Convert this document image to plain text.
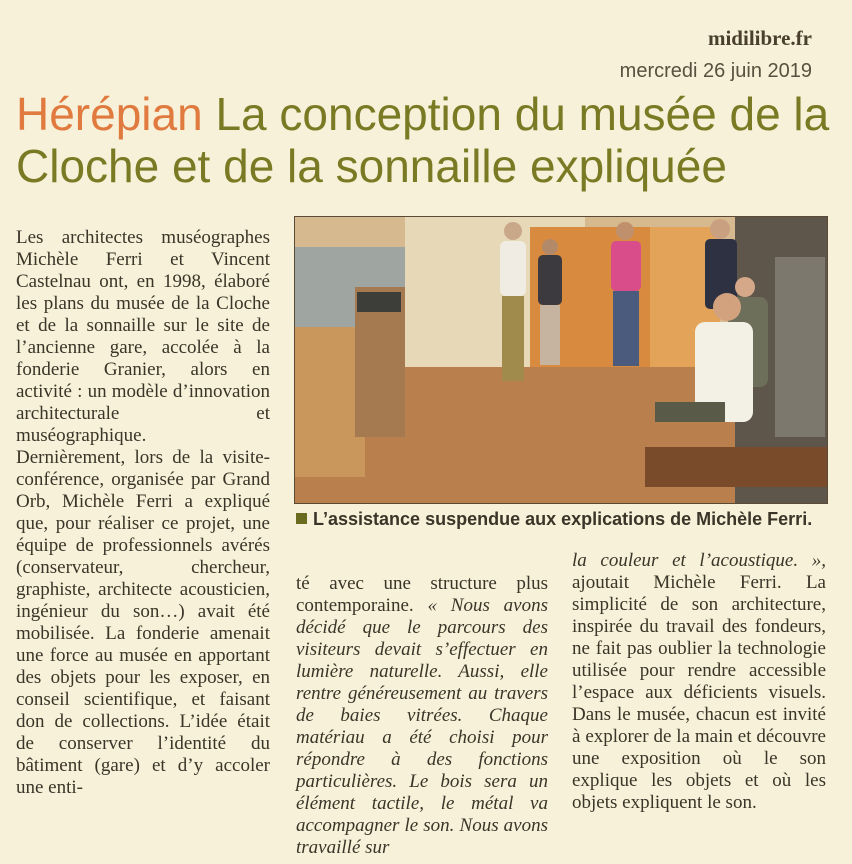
midilibre.fr
mercredi 26 juin 2019
Hérépian La conception du musée de la Cloche et de la sonnaille expliquée

Les architectes muséographes Michèle Ferri et Vincent Castelnau ont, en 1998, élaboré les plans du musée de la Cloche et de la sonnaille sur le site de l’ancienne gare, accolée à la fonderie Granier, alors en activité : un modèle d’innovation architecturale et muséographique.

Dernièrement, lors de la visite-conférence, organisée par Grand Orb, Michèle Ferri a expliqué que, pour réaliser ce projet, une équipe de professionnels avérés (conservateur, chercheur, graphiste, architecte acousticien, ingénieur du son…) avait été mobilisée. La fonderie amenait une force au musée en apportant des objets pour les exposer, en conseil scientifique, et faisant don de collections. L’idée était de conserver l’identité du bâtiment (gare) et d’y accoler une enti-

L’assistance suspendue aux explications de Michèle Ferri.

té avec une structure plus contemporaine. « Nous avons décidé que le parcours des visiteurs devait s’effectuer en lumière naturelle. Aussi, elle rentre généreusement au travers de baies vitrées. Chaque matériau a été choisi pour répondre à des fonctions particulières. Le bois sera un élément tactile, le métal va accompagner le son. Nous avons travaillé sur

la couleur et l’acoustique. », ajoutait Michèle Ferri. La simplicité de son architecture, inspirée du travail des fondeurs, ne fait pas oublier la technologie utilisée pour rendre accessible l’espace aux déficients visuels. Dans le musée, chacun est invité à explorer de la main et découvre une exposition où le son explique les objets et où les objets expliquent le son.
